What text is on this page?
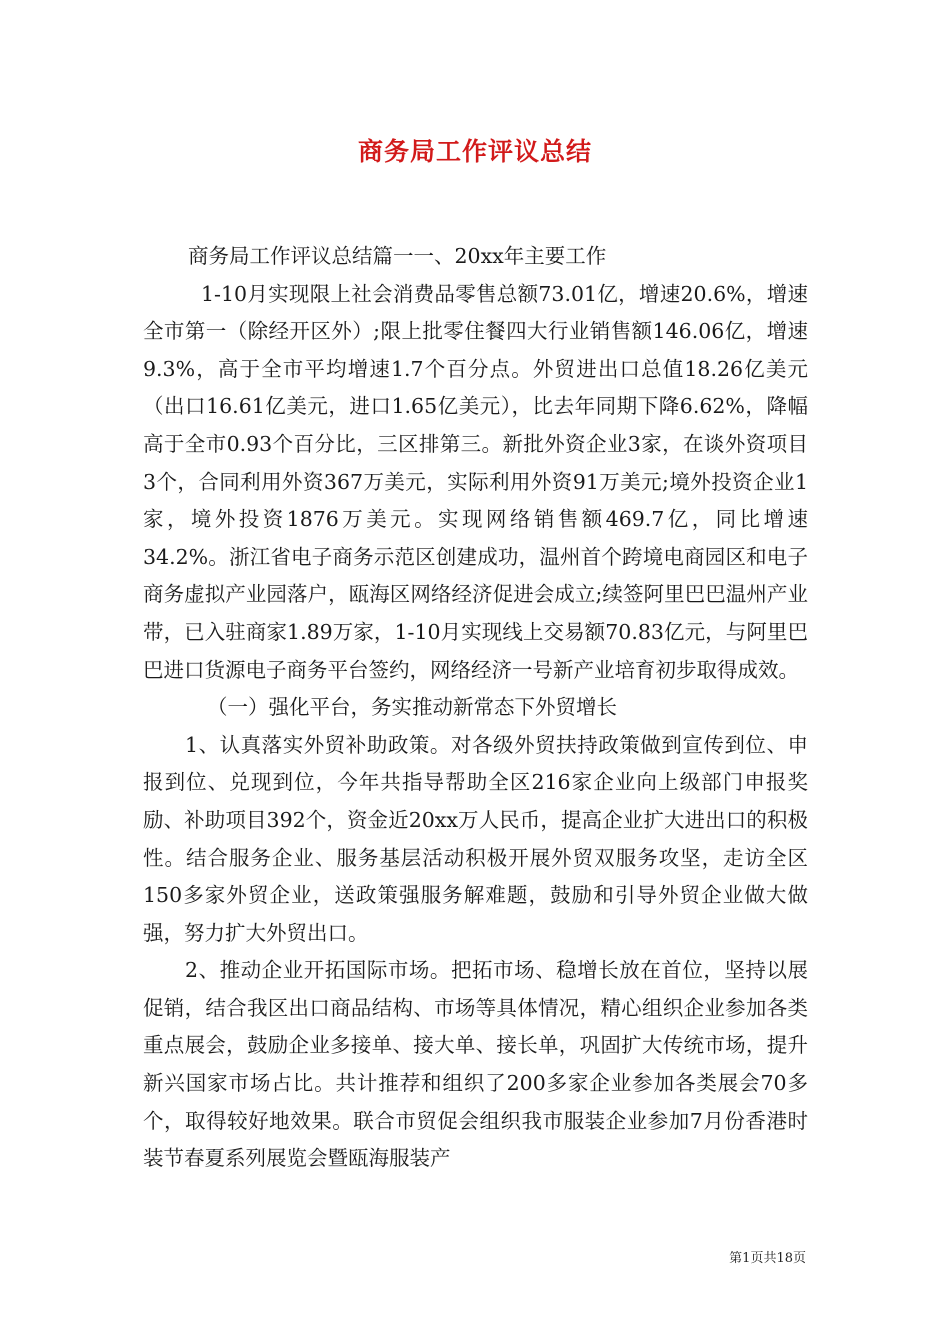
商务局工作评议总结

商务局工作评议总结篇一一、20xx年主要工作

1-10月实现限上社会消费品零售总额73.01亿，增速20.6%，增速全市第一（除经开区外）;限上批零住餐四大行业销售额146.06亿，增速9.3%，高于全市平均增速1.7个百分点。外贸进出口总值18.26亿美元（出口16.61亿美元，进口1.65亿美元），比去年同期下降6.62%，降幅高于全市0.93个百分比，三区排第三。新批外资企业3家，在谈外资项目3个，合同利用外资367万美元，实际利用外资91万美元;境外投资企业1家，境外投资1876万美元。实现网络销售额469.7亿，同比增速34.2%。浙江省电子商务示范区创建成功，温州首个跨境电商园区和电子商务虚拟产业园落户，瓯海区网络经济促进会成立;续签阿里巴巴温州产业带，已入驻商家1.89万家，1-10月实现线上交易额70.83亿元，与阿里巴巴进口货源电子商务平台签约，网络经济一号新产业培育初步取得成效。

（一）强化平台，务实推动新常态下外贸增长

1、认真落实外贸补助政策。对各级外贸扶持政策做到宣传到位、申报到位、兑现到位，今年共指导帮助全区216家企业向上级部门申报奖励、补助项目392个，资金近20xx万人民币，提高企业扩大进出口的积极性。结合服务企业、服务基层活动积极开展外贸双服务攻坚，走访全区150多家外贸企业，送政策强服务解难题，鼓励和引导外贸企业做大做强，努力扩大外贸出口。

2、推动企业开拓国际市场。把拓市场、稳增长放在首位，坚持以展促销，结合我区出口商品结构、市场等具体情况，精心组织企业参加各类重点展会，鼓励企业多接单、接大单、接长单，巩固扩大传统市场，提升新兴国家市场占比。共计推荐和组织了200多家企业参加各类展会70多个，取得较好地效果。联合市贸促会组织我市服装企业参加7月份香港时装节春夏系列展览会暨瓯海服装产

第1页共18页
